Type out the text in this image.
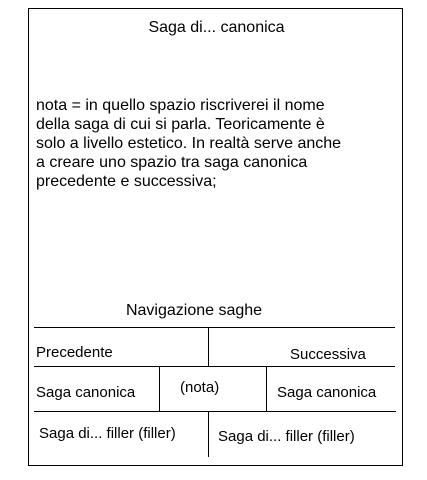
Saga di... canonica
nota = in quello spazio riscriverei il nome
della saga di cui si parla. Teoricamente è
solo a livello estetico. In realtà serve anche
a creare uno spazio tra saga canonica
precedente e successiva;
Navigazione saghe
Precedente	Successiva
Saga canonica	(nota)	Saga canonica
Saga di... filler (filler)	Saga di... filler (filler)
